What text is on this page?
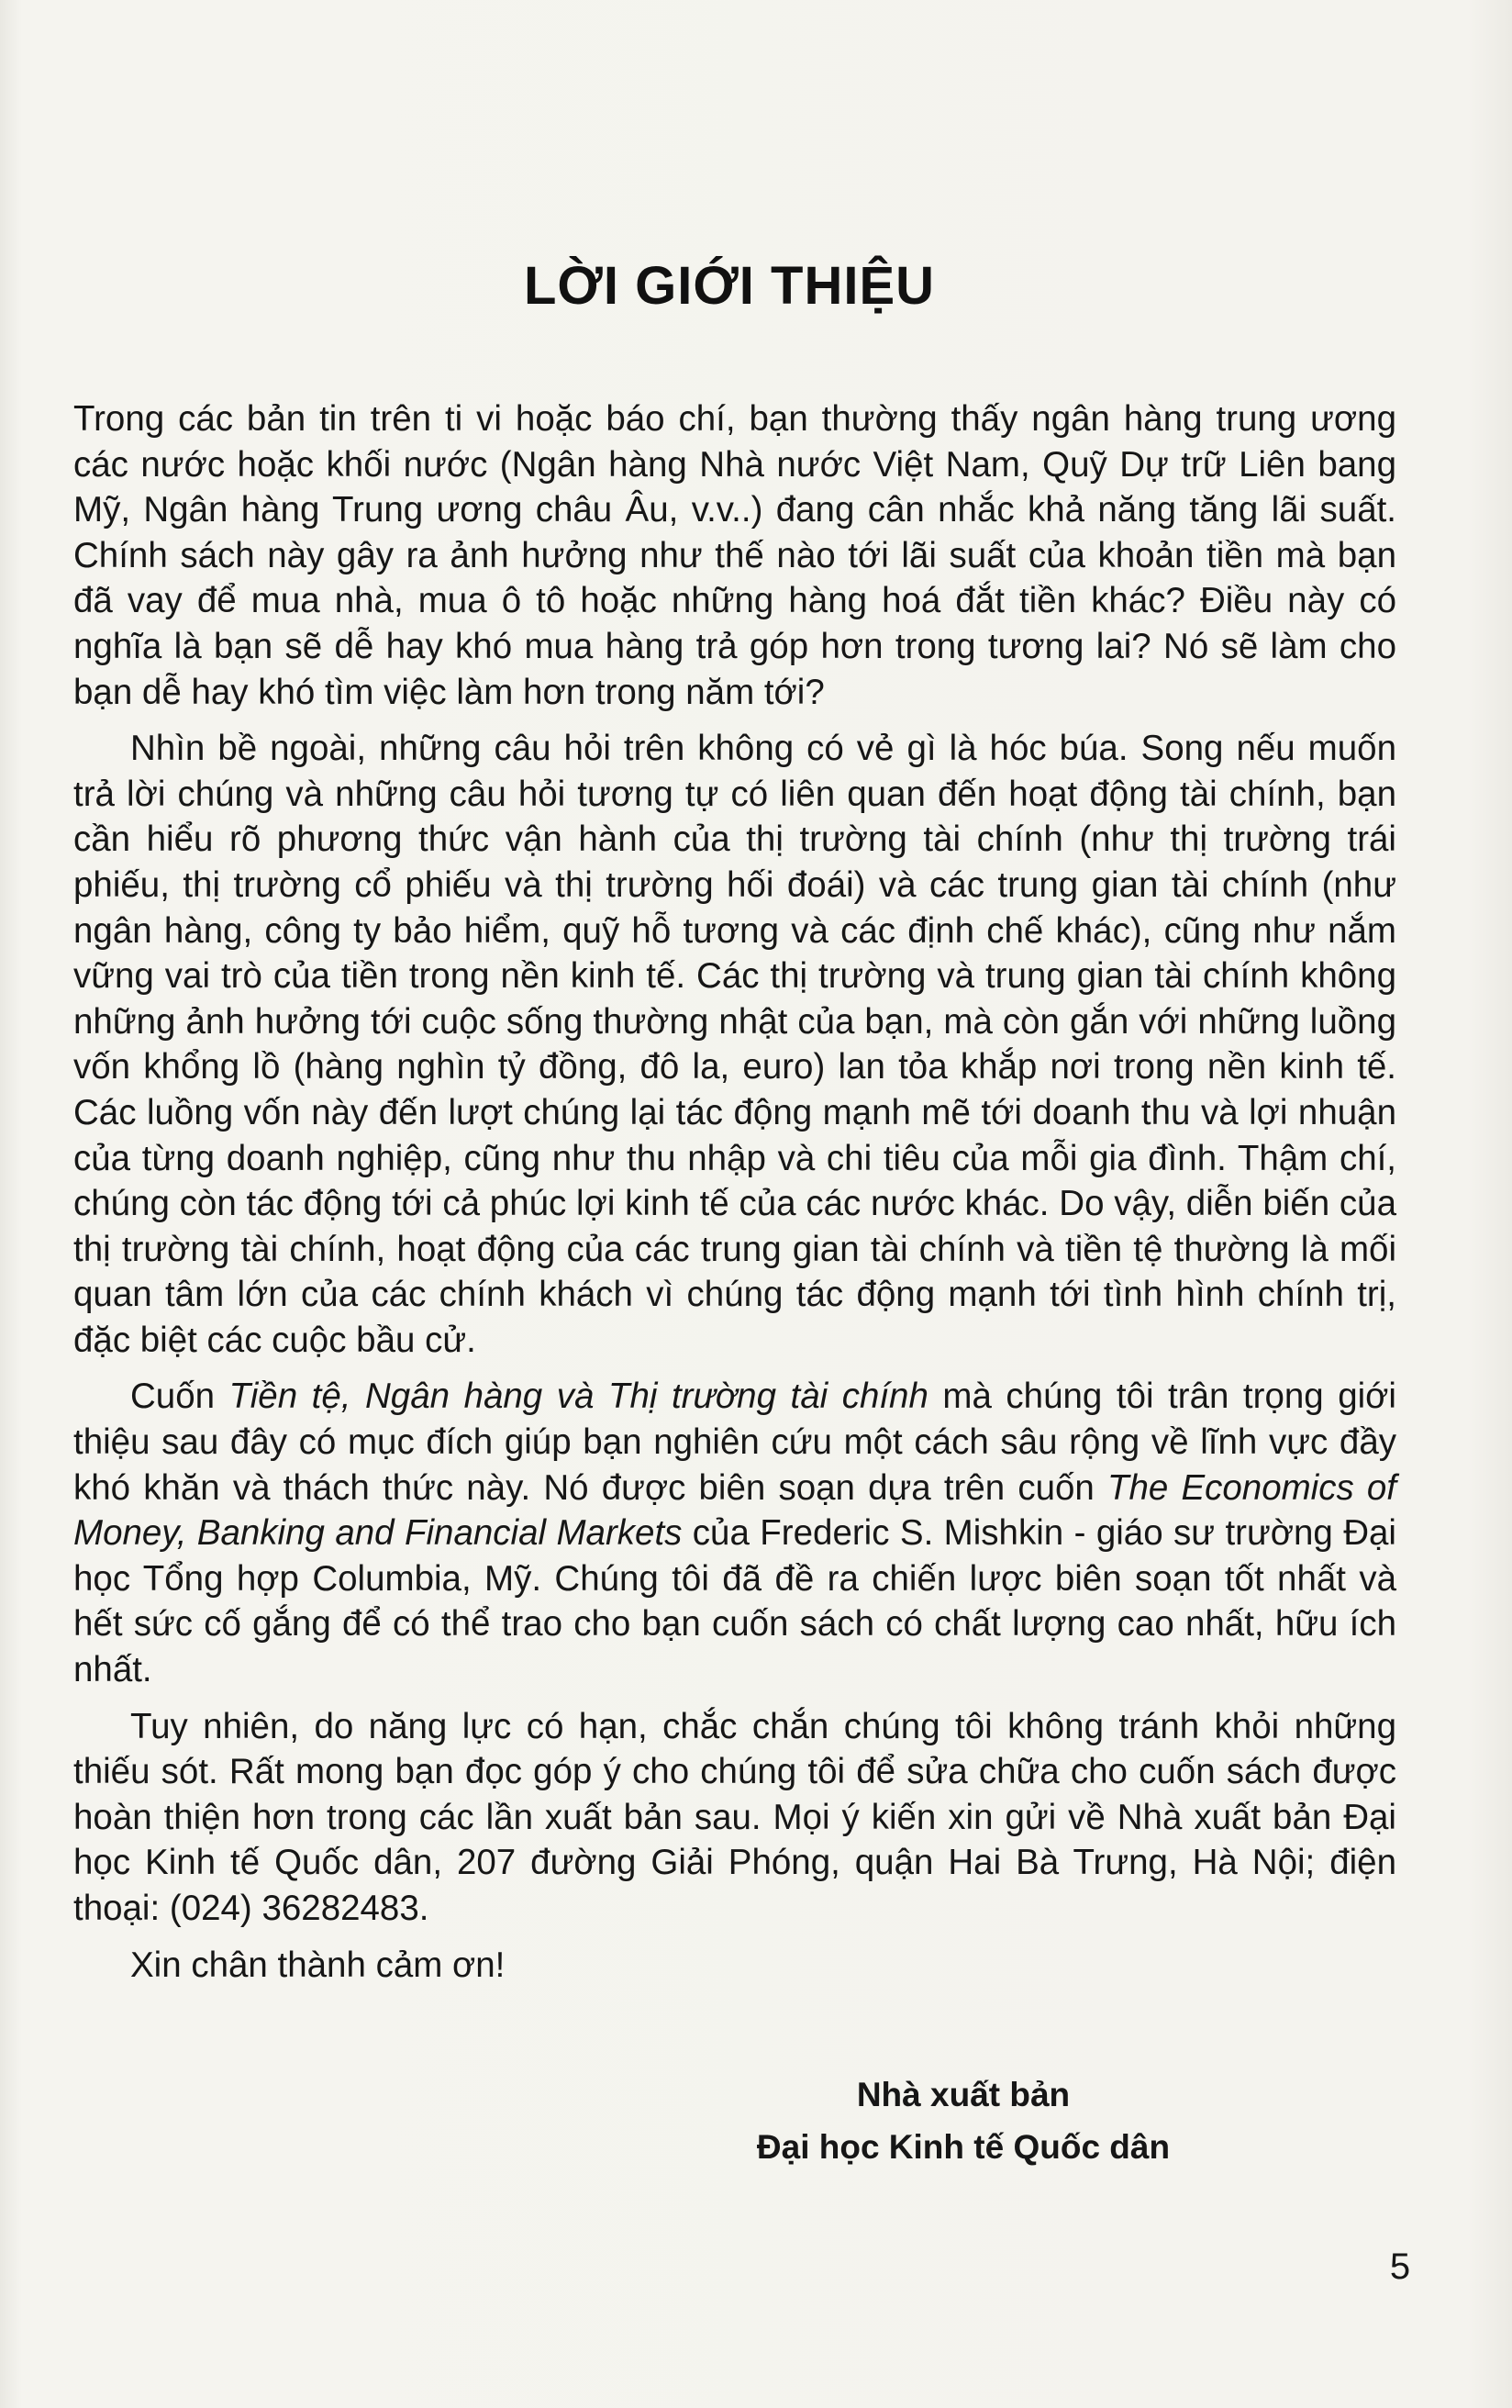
LỜI GIỚI THIỆU

Trong các bản tin trên ti vi hoặc báo chí, bạn thường thấy ngân hàng trung ương các nước hoặc khối nước (Ngân hàng Nhà nước Việt Nam, Quỹ Dự trữ Liên bang Mỹ, Ngân hàng Trung ương châu Âu, v.v..) đang cân nhắc khả năng tăng lãi suất. Chính sách này gây ra ảnh hưởng như thế nào tới lãi suất của khoản tiền mà bạn đã vay để mua nhà, mua ô tô hoặc những hàng hoá đắt tiền khác? Điều này có nghĩa là bạn sẽ dễ hay khó mua hàng trả góp hơn trong tương lai? Nó sẽ làm cho bạn dễ hay khó tìm việc làm hơn trong năm tới?

Nhìn bề ngoài, những câu hỏi trên không có vẻ gì là hóc búa. Song nếu muốn trả lời chúng và những câu hỏi tương tự có liên quan đến hoạt động tài chính, bạn cần hiểu rõ phương thức vận hành của thị trường tài chính (như thị trường trái phiếu, thị trường cổ phiếu và thị trường hối đoái) và các trung gian tài chính (như ngân hàng, công ty bảo hiểm, quỹ hỗ tương và các định chế khác), cũng như nắm vững vai trò của tiền trong nền kinh tế. Các thị trường và trung gian tài chính không những ảnh hưởng tới cuộc sống thường nhật của bạn, mà còn gắn với những luồng vốn khổng lồ (hàng nghìn tỷ đồng, đô la, euro) lan tỏa khắp nơi trong nền kinh tế. Các luồng vốn này đến lượt chúng lại tác động mạnh mẽ tới doanh thu và lợi nhuận của từng doanh nghiệp, cũng như thu nhập và chi tiêu của mỗi gia đình. Thậm chí, chúng còn tác động tới cả phúc lợi kinh tế của các nước khác. Do vậy, diễn biến của thị trường tài chính, hoạt động của các trung gian tài chính và tiền tệ thường là mối quan tâm lớn của các chính khách vì chúng tác động mạnh tới tình hình chính trị, đặc biệt các cuộc bầu cử.

Cuốn Tiền tệ, Ngân hàng và Thị trường tài chính mà chúng tôi trân trọng giới thiệu sau đây có mục đích giúp bạn nghiên cứu một cách sâu rộng về lĩnh vực đầy khó khăn và thách thức này. Nó được biên soạn dựa trên cuốn The Economics of Money, Banking and Financial Markets của Frederic S. Mishkin - giáo sư trường Đại học Tổng hợp Columbia, Mỹ. Chúng tôi đã đề ra chiến lược biên soạn tốt nhất và hết sức cố gắng để có thể trao cho bạn cuốn sách có chất lượng cao nhất, hữu ích nhất.

Tuy nhiên, do năng lực có hạn, chắc chắn chúng tôi không tránh khỏi những thiếu sót. Rất mong bạn đọc góp ý cho chúng tôi để sửa chữa cho cuốn sách được hoàn thiện hơn trong các lần xuất bản sau. Mọi ý kiến xin gửi về Nhà xuất bản Đại học Kinh tế Quốc dân, 207 đường Giải Phóng, quận Hai Bà Trưng, Hà Nội; điện thoại: (024) 36282483.

Xin chân thành cảm ơn!

Nhà xuất bản
Đại học Kinh tế Quốc dân
5
